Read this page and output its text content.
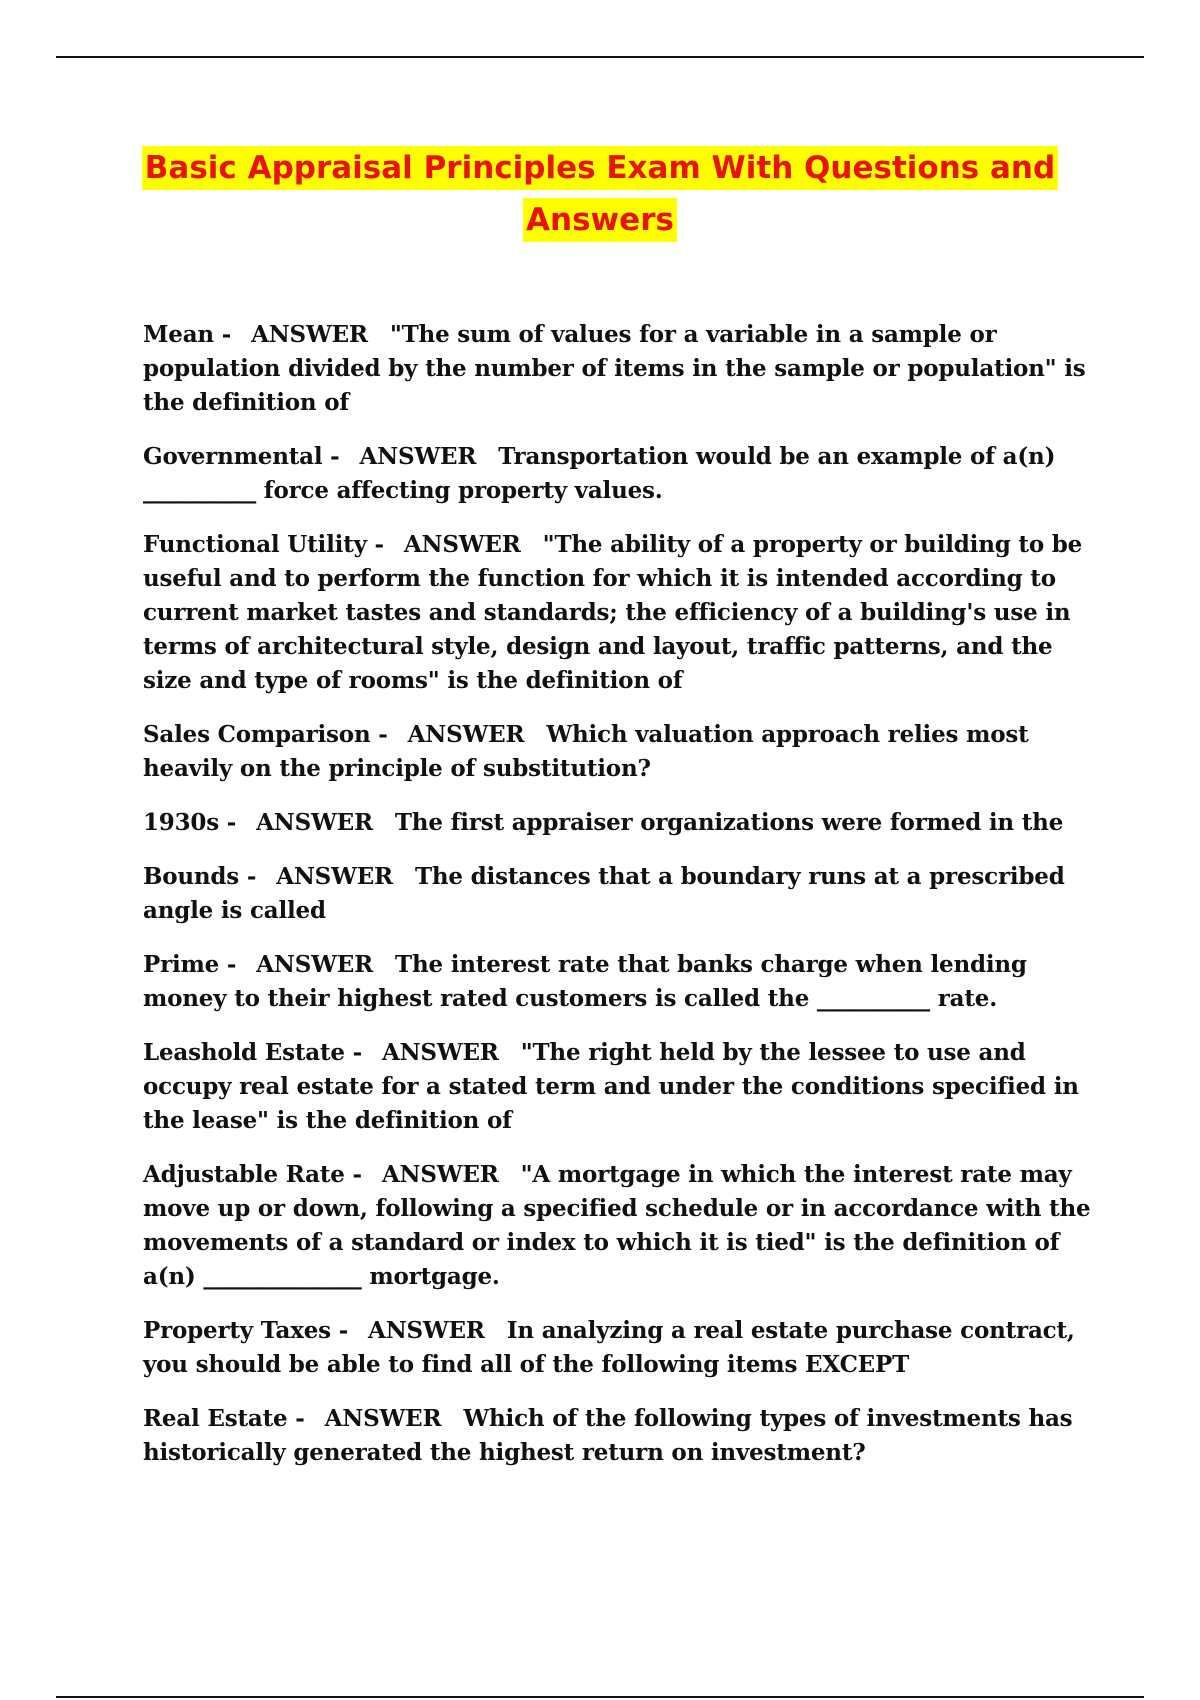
Basic Appraisal Principles Exam With Questions and Answers

Mean - ANSWER "The sum of values for a variable in a sample or population divided by the number of items in the sample or population" is the definition of

Governmental - ANSWER Transportation would be an example of a(n) __________ force affecting property values.

Functional Utility - ANSWER "The ability of a property or building to be useful and to perform the function for which it is intended according to current market tastes and standards; the efficiency of a building's use in terms of architectural style, design and layout, traffic patterns, and the size and type of rooms" is the definition of

Sales Comparison - ANSWER Which valuation approach relies most heavily on the principle of substitution?

1930s - ANSWER The first appraiser organizations were formed in the

Bounds - ANSWER The distances that a boundary runs at a prescribed angle is called

Prime - ANSWER The interest rate that banks charge when lending money to their highest rated customers is called the __________ rate.

Leashold Estate - ANSWER "The right held by the lessee to use and occupy real estate for a stated term and under the conditions specified in the lease" is the definition of

Adjustable Rate - ANSWER "A mortgage in which the interest rate may move up or down, following a specified schedule or in accordance with the movements of a standard or index to which it is tied" is the definition of a(n) ______________ mortgage.

Property Taxes - ANSWER In analyzing a real estate purchase contract, you should be able to find all of the following items EXCEPT

Real Estate - ANSWER Which of the following types of investments has historically generated the highest return on investment?
